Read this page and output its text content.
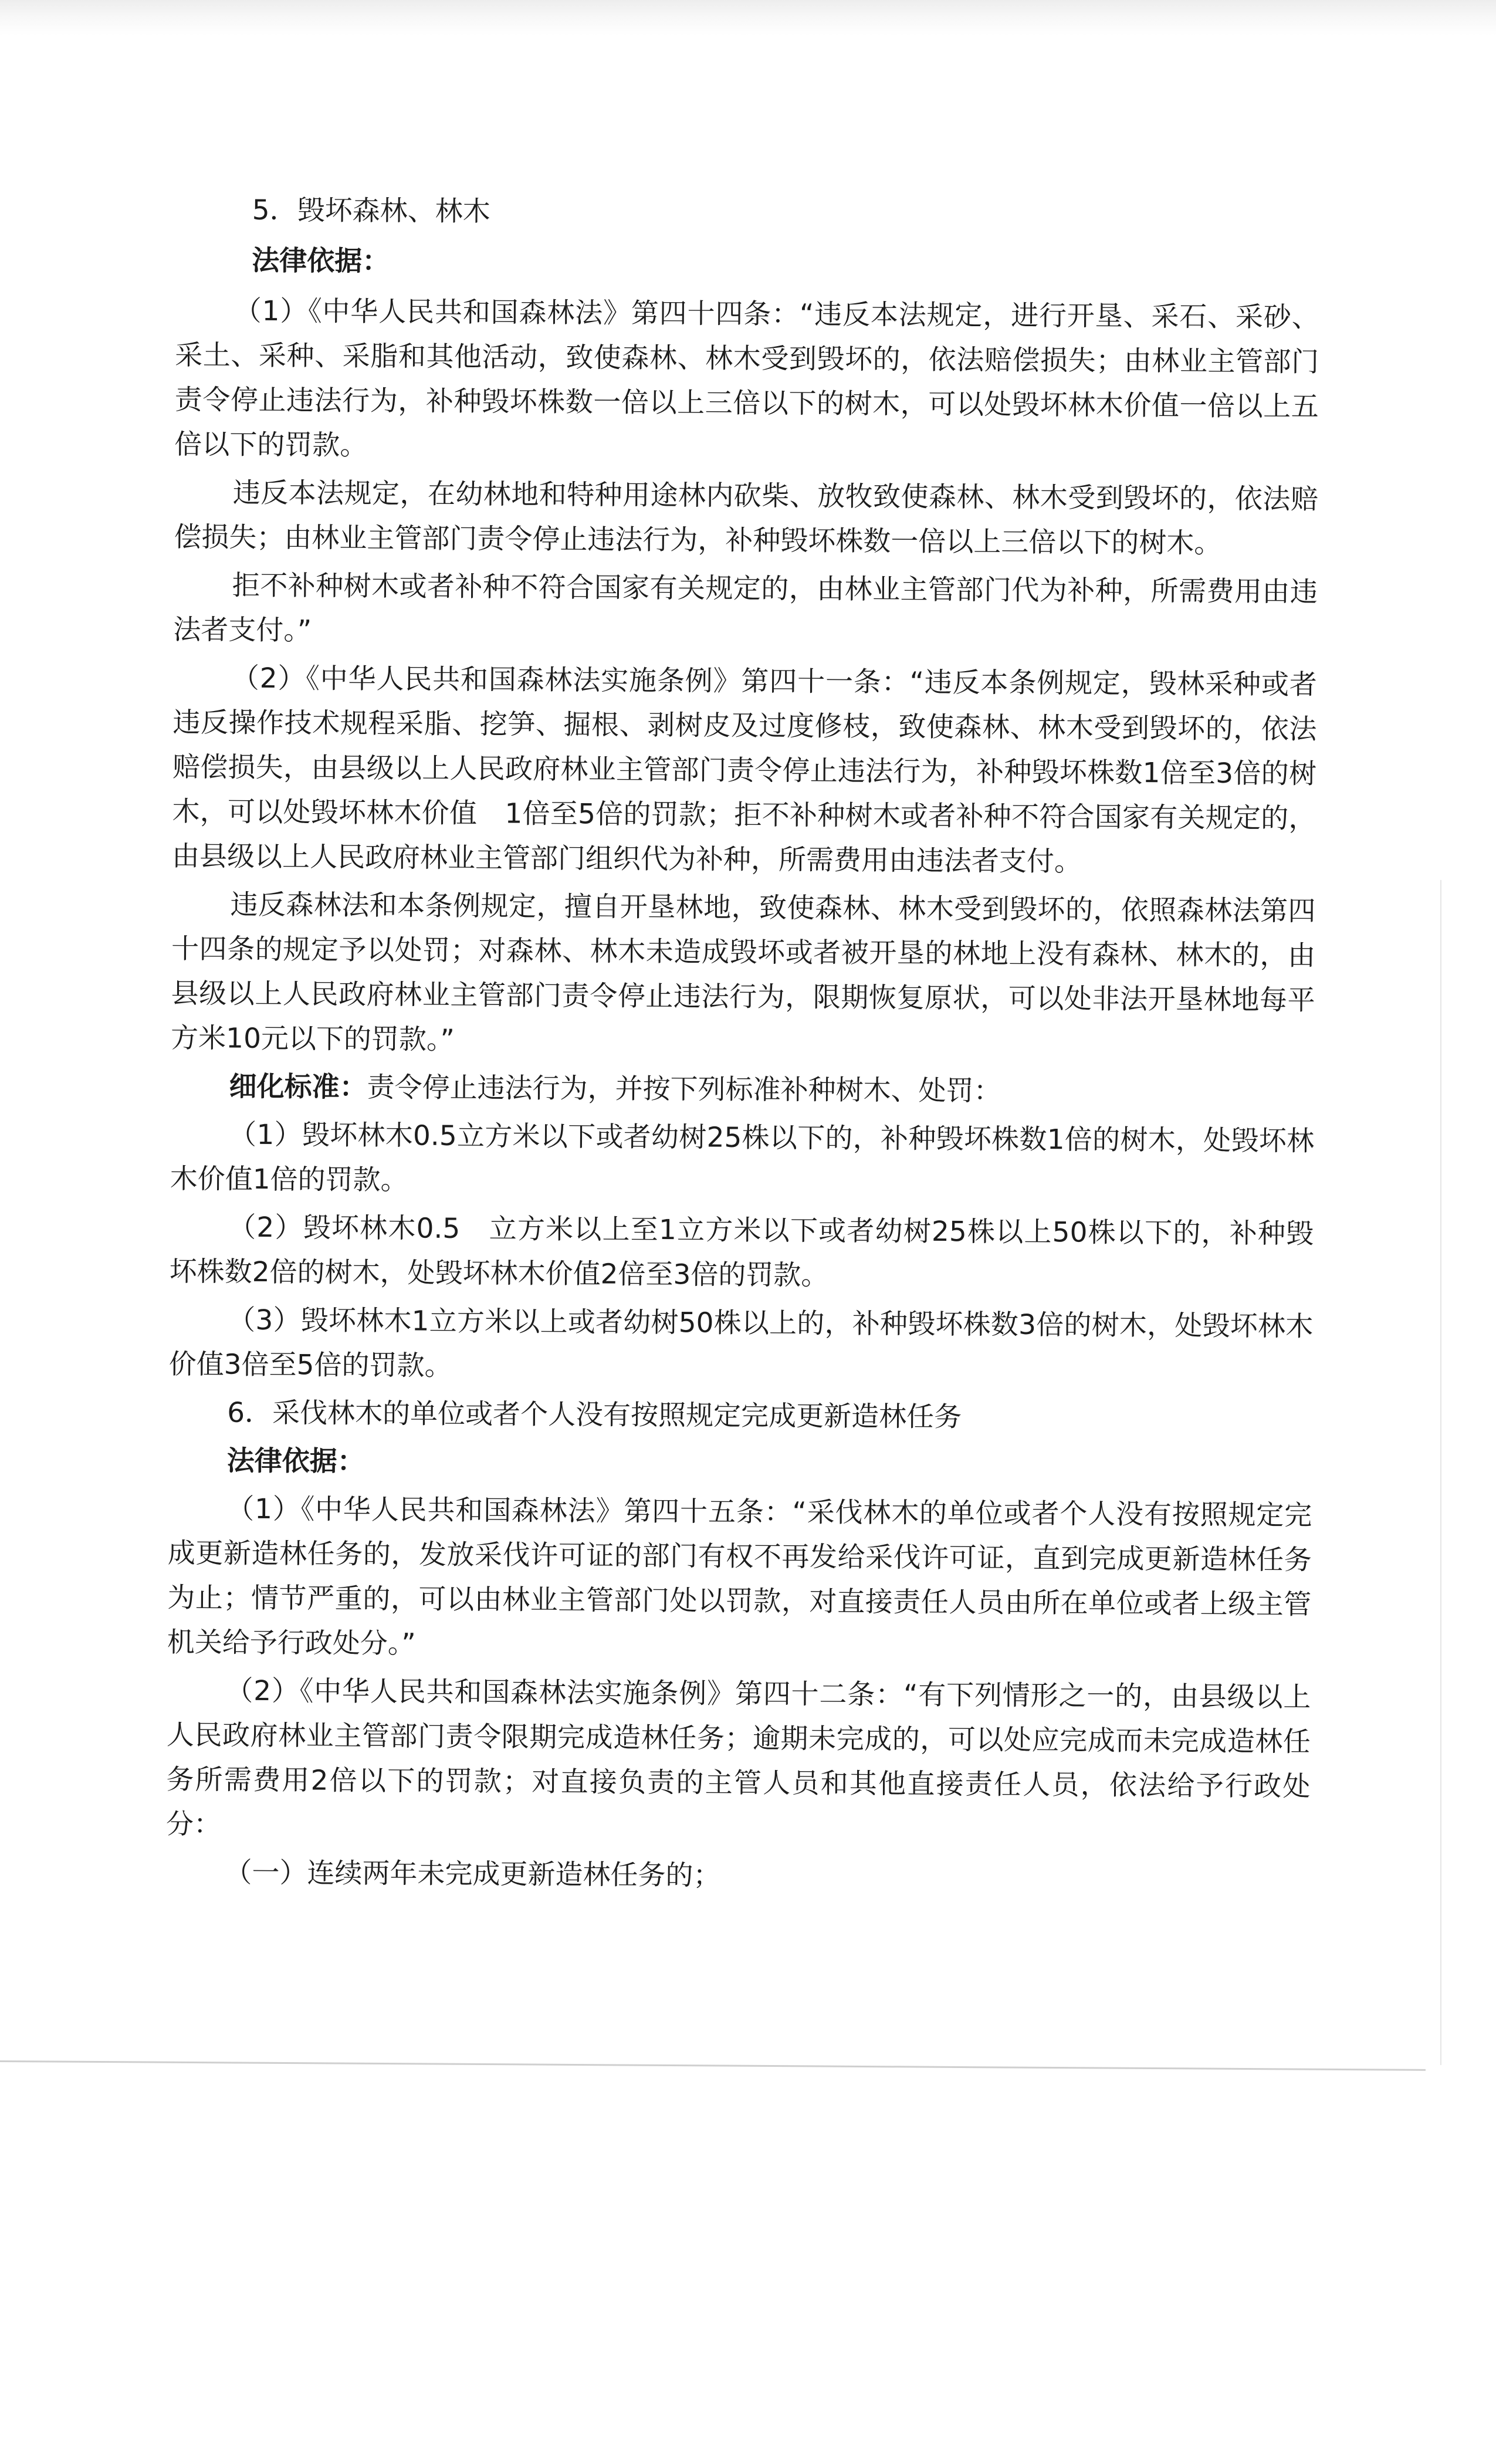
5．毁坏森林、林木

法律依据：

（1）《中华人民共和国森林法》第四十四条：“违反本法规定，进行开垦、采石、采砂、采土、采种、采脂和其他活动，致使森林、林木受到毁坏的，依法赔偿损失；由林业主管部门责令停止违法行为，补种毁坏株数一倍以上三倍以下的树木，可以处毁坏林木价值一倍以上五倍以下的罚款。

违反本法规定，在幼林地和特种用途林内砍柴、放牧致使森林、林木受到毁坏的，依法赔偿损失；由林业主管部门责令停止违法行为，补种毁坏株数一倍以上三倍以下的树木。

拒不补种树木或者补种不符合国家有关规定的，由林业主管部门代为补种，所需费用由违法者支付。”

（2）《中华人民共和国森林法实施条例》第四十一条：“违反本条例规定，毁林采种或者违反操作技术规程采脂、挖笋、掘根、剥树皮及过度修枝，致使森林、林木受到毁坏的，依法赔偿损失，由县级以上人民政府林业主管部门责令停止违法行为，补种毁坏株数1倍至3倍的树木，可以处毁坏林木价值　1倍至5倍的罚款；拒不补种树木或者补种不符合国家有关规定的，由县级以上人民政府林业主管部门组织代为补种，所需费用由违法者支付。

违反森林法和本条例规定，擅自开垦林地，致使森林、林木受到毁坏的，依照森林法第四十四条的规定予以处罚；对森林、林木未造成毁坏或者被开垦的林地上没有森林、林木的，由县级以上人民政府林业主管部门责令停止违法行为，限期恢复原状，可以处非法开垦林地每平方米10元以下的罚款。”

细化标准：责令停止违法行为，并按下列标准补种树木、处罚：

（1）毁坏林木0.5立方米以下或者幼树25株以下的，补种毁坏株数1倍的树木，处毁坏林木价值1倍的罚款。

（2）毁坏林木0.5　立方米以上至1立方米以下或者幼树25株以上50株以下的，补种毁坏株数2倍的树木，处毁坏林木价值2倍至3倍的罚款。

（3）毁坏林木1立方米以上或者幼树50株以上的，补种毁坏株数3倍的树木，处毁坏林木价值3倍至5倍的罚款。

6．采伐林木的单位或者个人没有按照规定完成更新造林任务

法律依据：

（1）《中华人民共和国森林法》第四十五条：“采伐林木的单位或者个人没有按照规定完成更新造林任务的，发放采伐许可证的部门有权不再发给采伐许可证，直到完成更新造林任务为止；情节严重的，可以由林业主管部门处以罚款，对直接责任人员由所在单位或者上级主管机关给予行政处分。”

（2）《中华人民共和国森林法实施条例》第四十二条：“有下列情形之一的，由县级以上人民政府林业主管部门责令限期完成造林任务；逾期未完成的，可以处应完成而未完成造林任务所需费用2倍以下的罚款；对直接负责的主管人员和其他直接责任人员，依法给予行政处分：

（一）连续两年未完成更新造林任务的；
